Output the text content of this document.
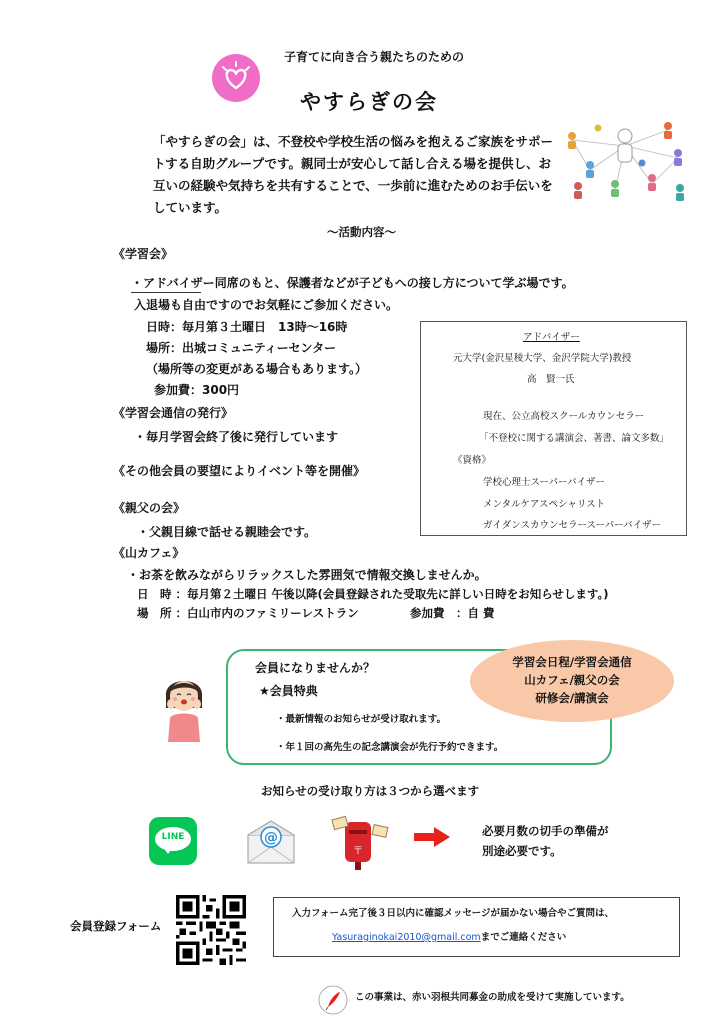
子育てに向き合う親たちのための
やすらぎの会
「やすらぎの会」は、不登校や学校生活の悩みを抱えるご家族をサポートする自助グループです。親同士が安心して話し合える場を提供し、お互いの経験や気持ちを共有することで、一歩前に進むためのお手伝いをしています。
〜活動内容〜
《学習会》
・アドバイザー同席のもと、保護者などが子どもへの接し方について学ぶ場です。
入退場も自由ですのでお気軽にご参加ください。
日時：毎月第３土曜日　13時〜16時
場所：出城コミュニティーセンター
（場所等の変更がある場合もあります。）
参加費：300円
《学習会通信の発行》
・毎月学習会終了後に発行しています
《その他会員の要望によりイベント等を開催》
《親父の会》
・父親目線で話せる親睦会です。
《山カフェ》
・お茶を飲みながらリラックスした雰囲気で情報交換しませんか。
日　時 ：毎月第２土曜日 午後以降(会員登録された受取先に詳しい日時をお知らせします。)
場　所 ：白山市内のファミリーレストラン	参加費　：自 費
アドバイザー
元大学(金沢星稜大学、金沢学院大学)教授
高　賢一氏
現在、公立高校スクールカウンセラー
「不登校に関する講演会、著書、論文多数」
《資格》
学校心理士スーパーバイザー
メンタルケアスペシャリスト
ガイダンスカウンセラースーパーバイザー
会員になりませんか？
★会員特典
・最新情報のお知らせが受け取れます。
・年１回の高先生の記念講演会が先行予約できます。
学習会日程/学習会通信
山カフェ/親父の会
研修会/講演会
お知らせの受け取り方は３つから選べます
LINE	@
〒
必要月数の切手の準備が
別途必要です。
会員登録フォーム
入力フォーム完了後３日以内に確認メッセージが届かない場合やご質問は、
Yasuraginokai2010@gmail.comまでご連絡ください
この事業は、赤い羽根共同募金の助成を受けて実施しています。
